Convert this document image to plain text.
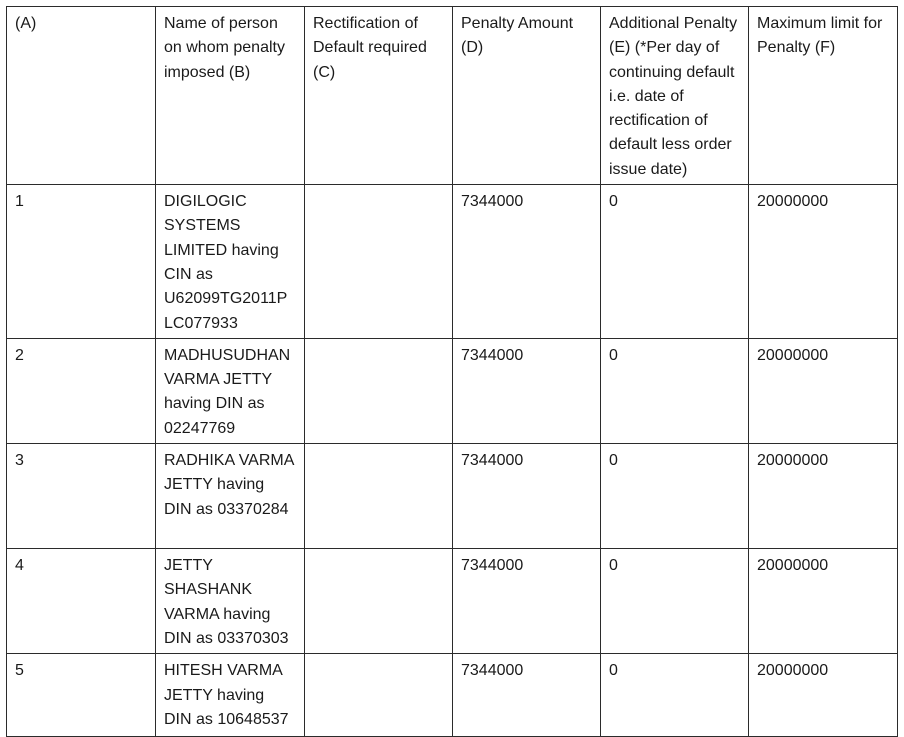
(A)	Name of person on whom penalty imposed (B)	Rectification of Default required (C)	Penalty Amount (D)	Additional Penalty (E) (*Per day of continuing default i.e. date of rectification of default less order issue date)	Maximum limit for Penalty (F)
1	DIGILOGIC SYSTEMS LIMITED having CIN as U62099TG2011PLC077933		7344000	0	20000000
2	MADHUSUDHAN VARMA JETTY having DIN as 02247769		7344000	0	20000000
3	RADHIKA VARMA JETTY having DIN as 03370284		7344000	0	20000000
4	JETTY SHASHANK VARMA having DIN as 03370303		7344000	0	20000000
5	HITESH VARMA JETTY having DIN as 10648537		7344000	0	20000000
